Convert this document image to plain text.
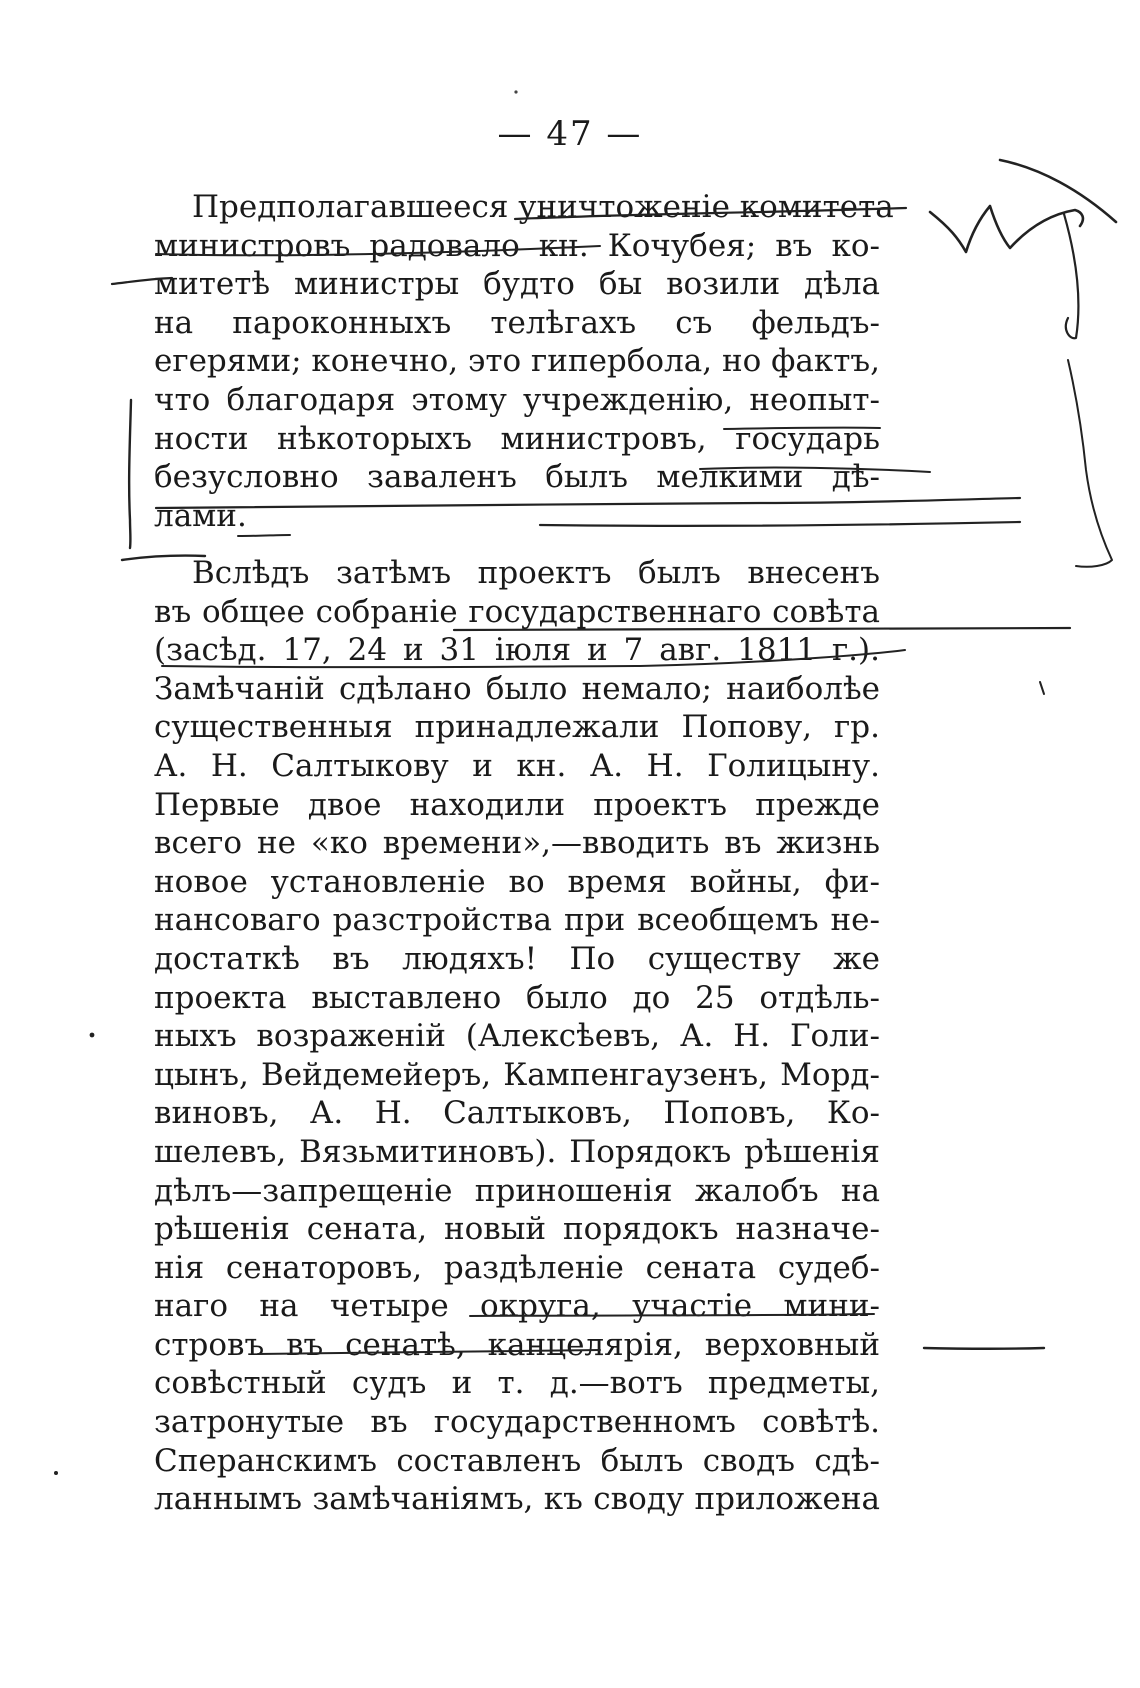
— 47 —
Предполагавшееся уничтоженіе комитета
министровъ радовало кн. Кочубея; въ ко-
митетѣ министры будто бы возили дѣла
на пароконныхъ телѣгахъ съ фельдъ-
егерями; конечно, это гипербола, но фактъ,
что благодаря этому учрежденію, неопыт-
ности нѣкоторыхъ министровъ, государь
безусловно заваленъ былъ мелкими дѣ-
лами.
Вслѣдъ затѣмъ проектъ былъ внесенъ
въ общее собраніе государственнаго совѣта
(засѣд. 17, 24 и 31 іюля и 7 авг. 1811 г.).
Замѣчаній сдѣлано было немало; наиболѣе
существенныя принадлежали Попову, гр.
А. Н. Салтыкову и кн. А. Н. Голицыну.
Первые двое находили проектъ прежде
всего не «ко времени»,—вводить въ жизнь
новое установленіе во время войны, фи-
нансоваго разстройства при всеобщемъ не-
достаткѣ въ людяхъ! По существу же
проекта выставлено было до 25 отдѣль-
ныхъ возраженій (Алексѣевъ, А. Н. Голи-
цынъ, Вейдемейеръ, Кампенгаузенъ, Морд-
виновъ, А. Н. Салтыковъ, Поповъ, Ко-
шелевъ, Вязьмитиновъ). Порядокъ рѣшенія
дѣлъ—запрещеніе приношенія жалобъ на
рѣшенія сената, новый порядокъ назначе-
нія сенаторовъ, раздѣленіе сената судеб-
наго на четыре округа, участіе мини-
стровъ въ сенатѣ, канцелярія, верховный
совѣстный судъ и т. д.—вотъ предметы,
затронутые въ государственномъ совѣтѣ.
Сперанскимъ составленъ былъ сводъ сдѣ-
ланнымъ замѣчаніямъ, къ своду приложена
